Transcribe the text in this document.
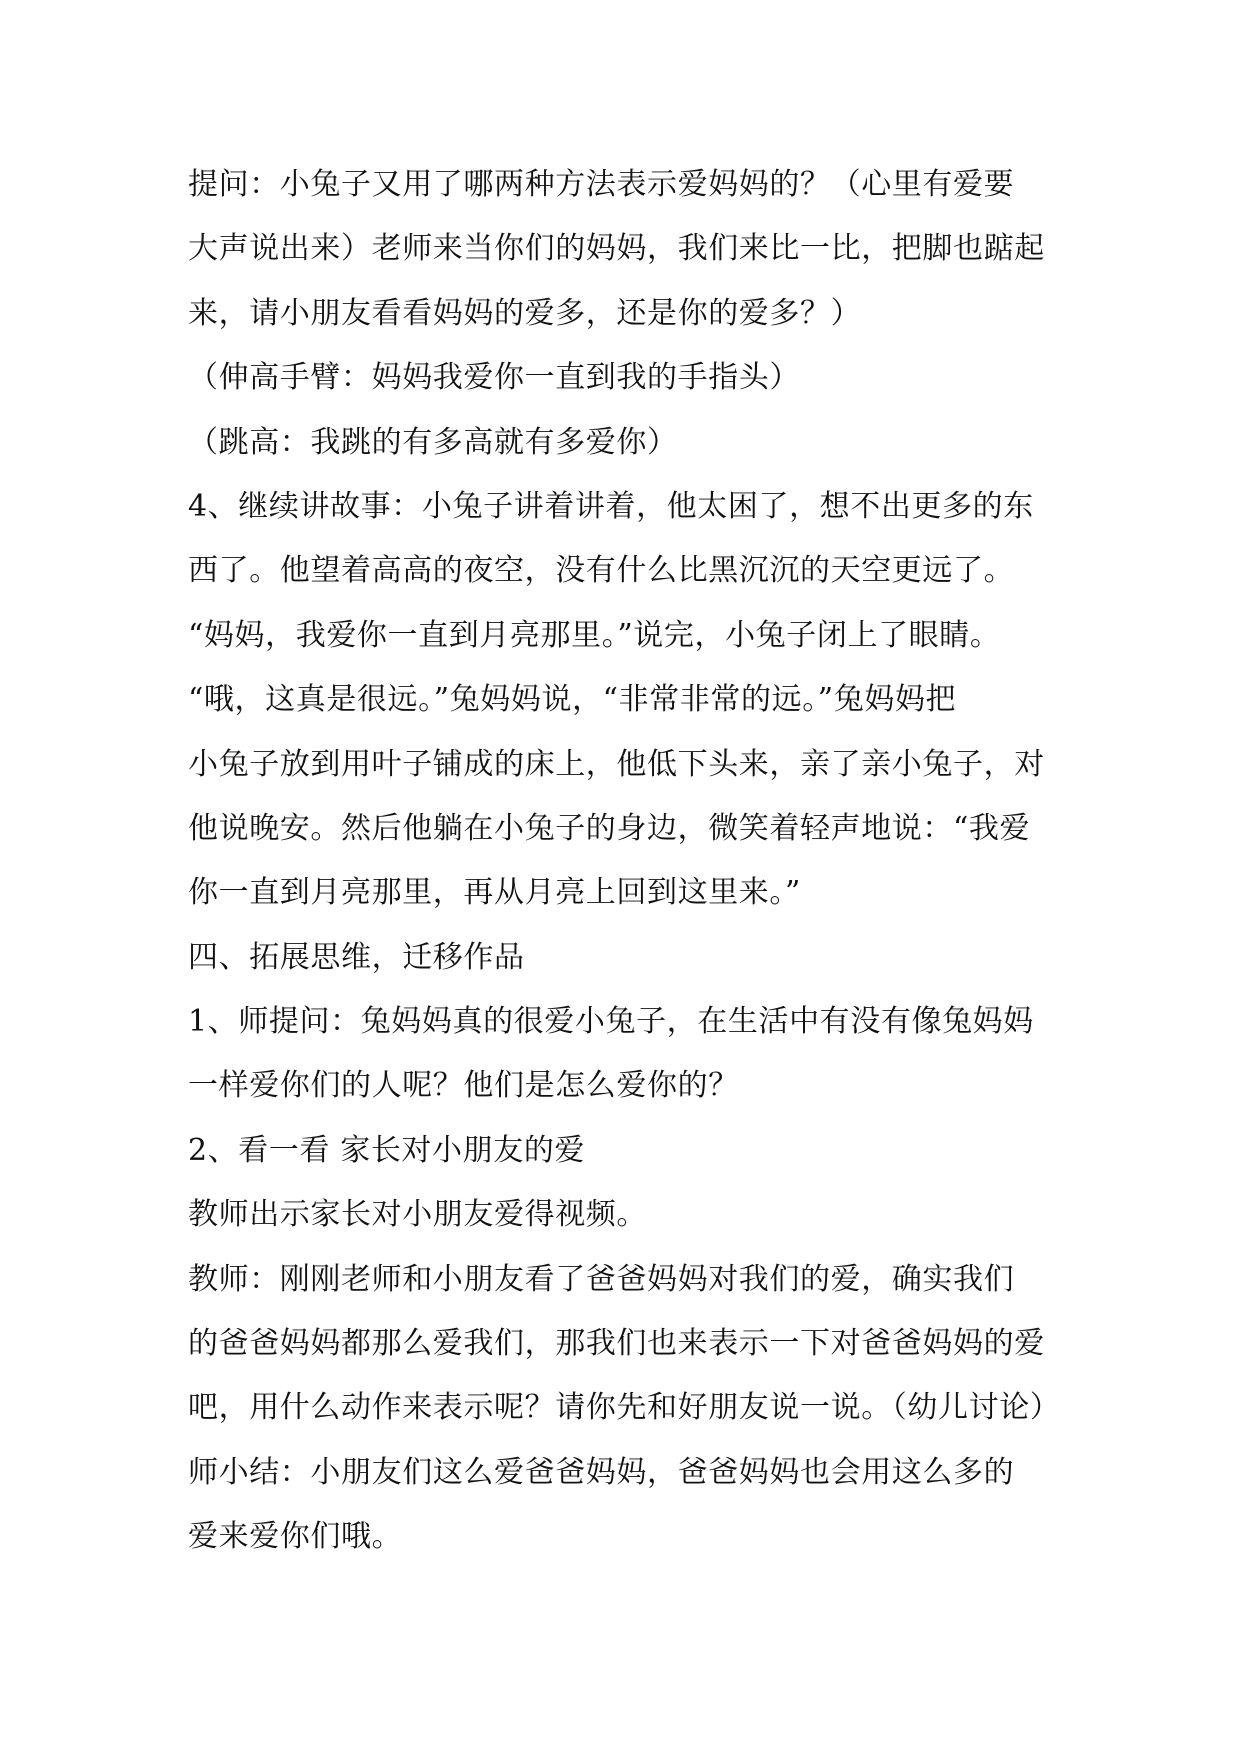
提问：小兔子又用了哪两种方法表示爱妈妈的？（心里有爱要
大声说出来）老师来当你们的妈妈，我们来比一比，把脚也踮起
来，请小朋友看看妈妈的爱多，还是你的爱多？）
（伸高手臂：妈妈我爱你一直到我的手指头）
（跳高：我跳的有多高就有多爱你）
4、继续讲故事：小兔子讲着讲着，他太困了，想不出更多的东
西了。他望着高高的夜空，没有什么比黑沉沉的天空更远了。
“妈妈，我爱你一直到月亮那里。”说完，小兔子闭上了眼睛。
“哦，这真是很远。”兔妈妈说，“非常非常的远。”兔妈妈把
小兔子放到用叶子铺成的床上，他低下头来，亲了亲小兔子，对
他说晚安。然后他躺在小兔子的身边，微笑着轻声地说：“我爱
你一直到月亮那里，再从月亮上回到这里来。”
四、拓展思维，迁移作品
1、师提问：兔妈妈真的很爱小兔子，在生活中有没有像兔妈妈
一样爱你们的人呢？他们是怎么爱你的？
2、看一看 家长对小朋友的爱
教师出示家长对小朋友爱得视频。
教师：刚刚老师和小朋友看了爸爸妈妈对我们的爱，确实我们
的爸爸妈妈都那么爱我们，那我们也来表示一下对爸爸妈妈的爱
吧，用什么动作来表示呢？请你先和好朋友说一说。（幼儿讨论）
师小结：小朋友们这么爱爸爸妈妈，爸爸妈妈也会用这么多的
爱来爱你们哦。
